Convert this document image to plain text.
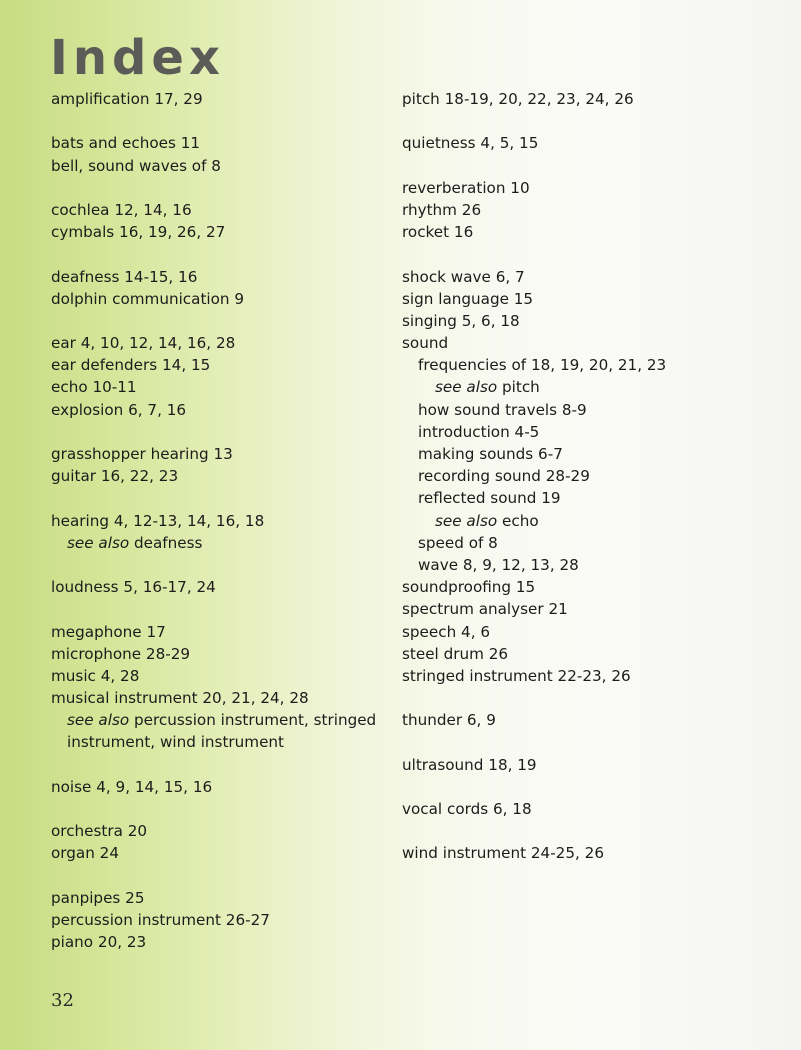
Index
amplification 17, 29
bats and echoes 11
bell, sound waves of 8
cochlea 12, 14, 16
cymbals 16, 19, 26, 27
deafness 14-15, 16
dolphin communication 9
ear 4, 10, 12, 14, 16, 28
ear defenders 14, 15
echo 10-11
explosion 6, 7, 16
grasshopper hearing 13
guitar 16, 22, 23
hearing 4, 12-13, 14, 16, 18
see also deafness
loudness 5, 16-17, 24
megaphone 17
microphone 28-29
music 4, 28
musical instrument 20, 21, 24, 28
see also percussion instrument, stringed
instrument, wind instrument
noise 4, 9, 14, 15, 16
orchestra 20
organ 24
panpipes 25
percussion instrument 26-27
piano 20, 23
pitch 18-19, 20, 22, 23, 24, 26
quietness 4, 5, 15
reverberation 10
rhythm 26
rocket 16
shock wave 6, 7
sign language 15
singing 5, 6, 18
sound
frequencies of 18, 19, 20, 21, 23
see also pitch
how sound travels 8-9
introduction 4-5
making sounds 6-7
recording sound 28-29
reflected sound 19
see also echo
speed of 8
wave 8, 9, 12, 13, 28
soundproofing 15
spectrum analyser 21
speech 4, 6
steel drum 26
stringed instrument 22-23, 26
thunder 6, 9
ultrasound 18, 19
vocal cords 6, 18
wind instrument 24-25, 26
32
